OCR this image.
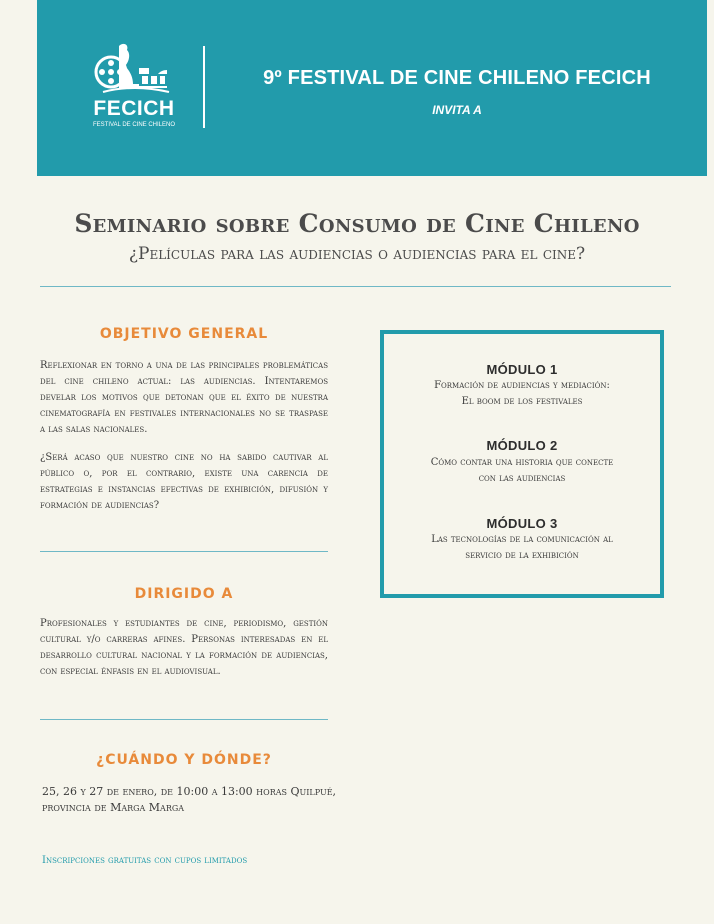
FECICH
FESTIVAL DE CINE CHILENO
9º FESTIVAL DE CINE CHILENO FECICH
INVITA A
Seminario sobre Consumo de Cine Chileno
¿Películas para las audiencias o audiencias para el cine?
OBJETIVO GENERAL

Reflexionar en torno a una de las principales problemáticas del cine chileno actual: las audiencias. Intentaremos develar los motivos que detonan que el éxito de nuestra cinematografía en festivales internacionales no se traspase a las salas nacionales.

¿Será acaso que nuestro cine no ha sabido cautivar al público o, por el contrario, existe una carencia de estrategias e instancias efectivas de exhibición, difusión y formación de audiencias?

DIRIGIDO A

Profesionales y estudiantes de cine, periodismo, gestión cultural y/o carreras afines. Personas interesadas en el desarrollo cultural nacional y la formación de audiencias, con especial énfasis en el audiovisual.

¿CUÁNDO Y DÓNDE?
25, 26 y 27 de enero, de 10:00 a 13:00 horas Quilpué,
provincia de Marga Marga
MÓDULO 1
Formación de audiencias y mediación:
El boom de los festivales
MÓDULO 2
Cómo contar una historia que conecte
con las audiencias
MÓDULO 3
Las tecnologías de la comunicación al
servicio de la exhibición
Inscripciones gratuitas con cupos limitados
